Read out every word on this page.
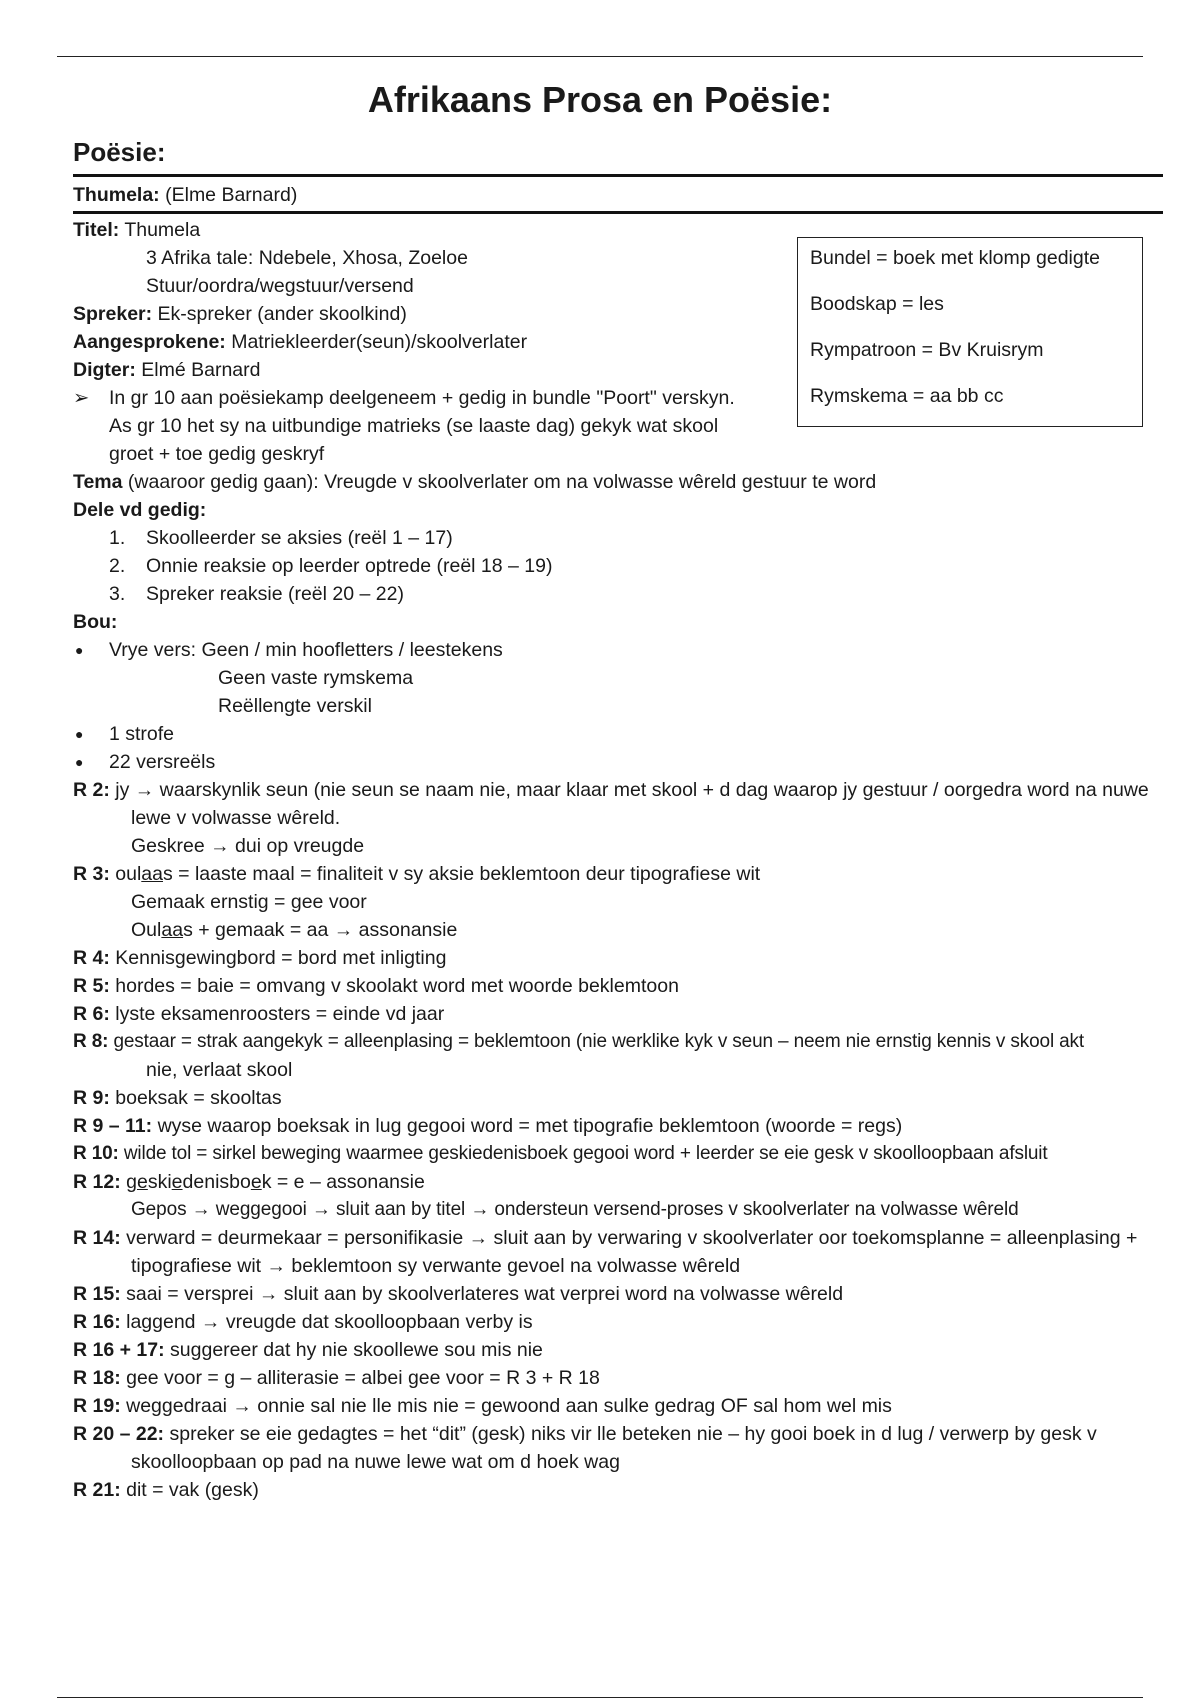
Afrikaans Prosa en Poësie:
Poësie:
Thumela: (Elme Barnard)
Titel: Thumela
3 Afrika tale: Ndebele, Xhosa, Zoeloe
Stuur/oordra/wegstuur/versend
Spreker: Ek-spreker (ander skoolkind)
Aangesprokene: Matriekleerder(seun)/skoolverlater
Digter: Elmé Barnard
➢ In gr 10 aan poësiekamp deelgeneem + gedig in bundle "Poort" verskyn.
As gr 10 het sy na uitbundige matrieks (se laaste dag) gekyk wat skool
groet + toe gedig geskryf
Tema (waaroor gedig gaan): Vreugde v skoolverlater om na volwasse wêreld gestuur te word
Dele vd gedig:
1. Skoolleerder se aksies (reël 1 – 17)
2. Onnie reaksie op leerder optrede (reël 18 – 19)
3. Spreker reaksie (reël 20 – 22)
Bou:
● Vrye vers: Geen / min hoofletters / leestekens
Geen vaste rymskema
Reëllengte verskil
● 1 strofe
● 22 versreëls
R 2: jy → waarskynlik seun (nie seun se naam nie, maar klaar met skool + d dag waarop jy gestuur / oorgedra word na nuwe lewe v volwasse wêreld.
Geskree → dui op vreugde
R 3: oulaas = laaste maal = finaliteit v sy aksie beklemtoon deur tipografiese wit
Gemaak ernstig = gee voor
Oulaas + gemaak = aa → assonansie
R 4: Kennisgewingbord = bord met inligting
R 5: hordes = baie = omvang v skoolakt word met woorde beklemtoon
R 6: lyste eksamenroosters = einde vd jaar
R 8: gestaar = strak aangekyk = alleenplasing = beklemtoon (nie werklike kyk v seun – neem nie ernstig kennis v skool akt
nie, verlaat skool
R 9: boeksak = skooltas
R 9 – 11: wyse waarop boeksak in lug gegooi word = met tipografie beklemtoon (woorde = regs)
R 10: wilde tol = sirkel beweging waarmee geskiedenisboek gegooi word + leerder se eie gesk v skoolloopbaan afsluit
R 12: geskiedenisboek = e – assonansie
Gepos → weggegooi → sluit aan by titel → ondersteun versend-proses v skoolverlater na volwasse wêreld
R 14: verward = deurmekaar = personifikasie → sluit aan by verwaring v skoolverlater oor toekomsplanne = alleenplasing + tipografiese wit → beklemtoon sy verwante gevoel na volwasse wêreld
R 15: saai = versprei → sluit aan by skoolverlateres wat verprei word na volwasse wêreld
R 16: laggend → vreugde dat skoolloopbaan verby is
R 16 + 17: suggereer dat hy nie skoollewe sou mis nie
R 18: gee voor = g – alliterasie = albei gee voor = R 3 + R 18
R 19: weggedraai → onnie sal nie lle mis nie = gewoond aan sulke gedrag OF sal hom wel mis
R 20 – 22: spreker se eie gedagtes = het “dit” (gesk) niks vir lle beteken nie – hy gooi boek in d lug / verwerp by gesk v skoolloopbaan op pad na nuwe lewe wat om d hoek wag
R 21: dit = vak (gesk)
Bundel = boek met klomp gedigte
Boodskap = les
Rympatroon = Bv Kruisrym
Rymskema = aa bb cc
